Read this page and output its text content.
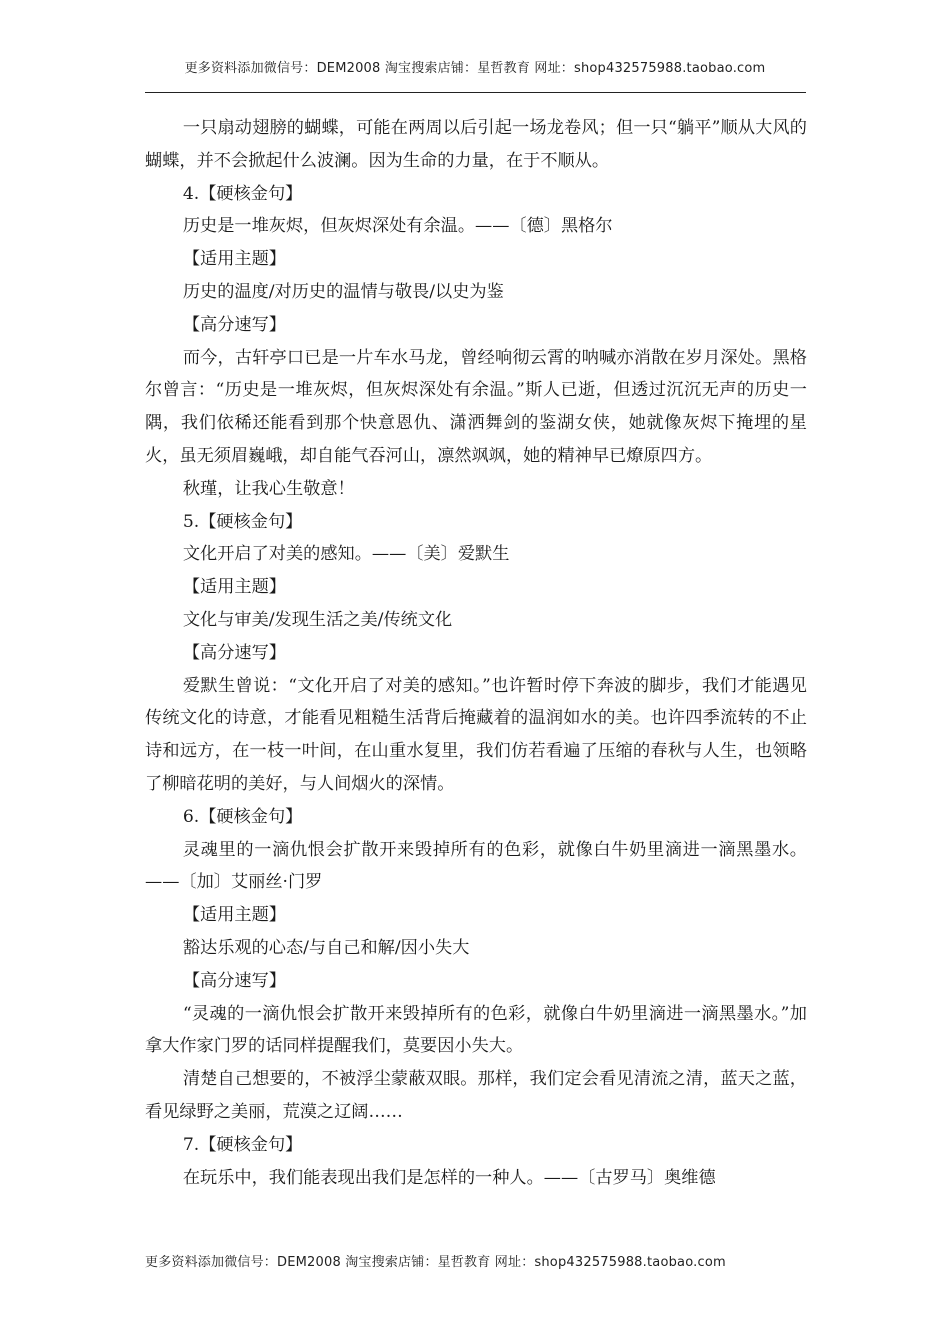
更多资料添加微信号：DEM2008 淘宝搜索店铺：星哲教育 网址：shop432575988.taobao.com

一只扇动翅膀的蝴蝶，可能在两周以后引起一场龙卷风；但一只“躺平”顺从大风的蝴蝶，并不会掀起什么波澜。因为生命的力量，在于不顺从。

4.【硬核金句】

历史是一堆灰烬，但灰烬深处有余温。——〔德〕黑格尔

【适用主题】

历史的温度/对历史的温情与敬畏/以史为鉴

【高分速写】

而今，古轩亭口已是一片车水马龙，曾经响彻云霄的呐喊亦消散在岁月深处。黑格尔曾言：“历史是一堆灰烬，但灰烬深处有余温。”斯人已逝，但透过沉沉无声的历史一隅，我们依稀还能看到那个快意恩仇、潇洒舞剑的鉴湖女侠，她就像灰烬下掩埋的星火，虽无须眉巍峨，却自能气吞河山，凛然飒飒，她的精神早已燎原四方。

秋瑾，让我心生敬意！

5.【硬核金句】

文化开启了对美的感知。——〔美〕爱默生

【适用主题】

文化与审美/发现生活之美/传统文化

【高分速写】

爱默生曾说：“文化开启了对美的感知。”也许暂时停下奔波的脚步，我们才能遇见传统文化的诗意，才能看见粗糙生活背后掩藏着的温润如水的美。也许四季流转的不止诗和远方，在一枝一叶间，在山重水复里，我们仿若看遍了压缩的春秋与人生，也领略了柳暗花明的美好，与人间烟火的深情。

6.【硬核金句】

灵魂里的一滴仇恨会扩散开来毁掉所有的色彩，就像白牛奶里滴进一滴黑墨水。——〔加〕艾丽丝·门罗

【适用主题】

豁达乐观的心态/与自己和解/因小失大

【高分速写】

“灵魂的一滴仇恨会扩散开来毁掉所有的色彩，就像白牛奶里滴进一滴黑墨水。”加拿大作家门罗的话同样提醒我们，莫要因小失大。

清楚自己想要的，不被浮尘蒙蔽双眼。那样，我们定会看见清流之清，蓝天之蓝，看见绿野之美丽，荒漠之辽阔……

7.【硬核金句】

在玩乐中，我们能表现出我们是怎样的一种人。——〔古罗马〕奥维德

更多资料添加微信号：DEM2008 淘宝搜索店铺：星哲教育 网址：shop432575988.taobao.com
